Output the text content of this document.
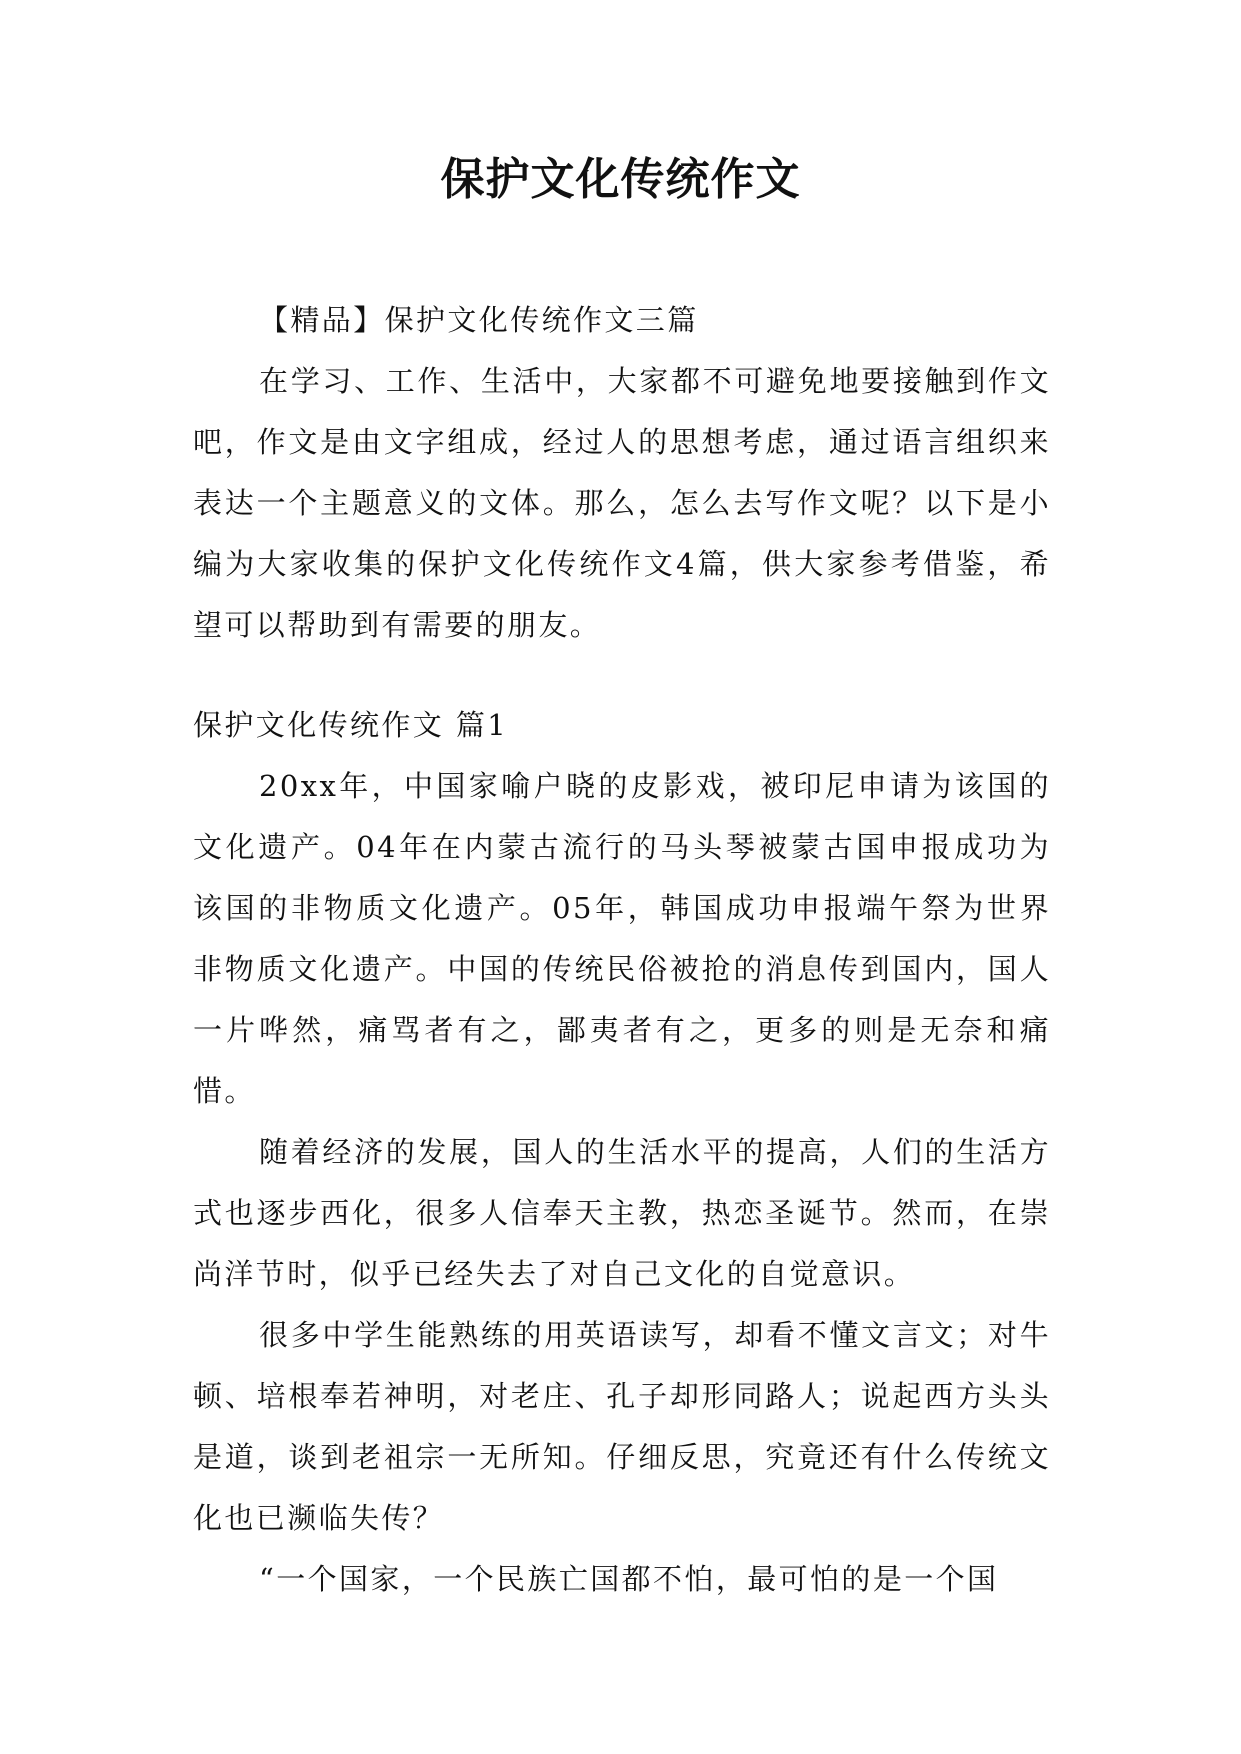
保护文化传统作文

【精品】保护文化传统作文三篇

在学习、工作、生活中，大家都不可避免地要接触到作文吧，作文是由文字组成，经过人的思想考虑，通过语言组织来表达一个主题意义的文体。那么，怎么去写作文呢？以下是小编为大家收集的保护文化传统作文4篇，供大家参考借鉴，希望可以帮助到有需要的朋友。

保护文化传统作文 篇1

20xx年，中国家喻户晓的皮影戏，被印尼申请为该国的文化遗产。04年在内蒙古流行的马头琴被蒙古国申报成功为该国的非物质文化遗产。05年，韩国成功申报端午祭为世界非物质文化遗产。中国的传统民俗被抢的消息传到国内，国人一片哗然，痛骂者有之，鄙夷者有之，更多的则是无奈和痛惜。

随着经济的发展，国人的生活水平的提高，人们的生活方式也逐步西化，很多人信奉天主教，热恋圣诞节。然而，在崇尚洋节时，似乎已经失去了对自己文化的自觉意识。

很多中学生能熟练的用英语读写，却看不懂文言文；对牛顿、培根奉若神明，对老庄、孔子却形同路人；说起西方头头是道，谈到老祖宗一无所知。仔细反思，究竟还有什么传统文化也已濒临失传？

“一个国家，一个民族亡国都不怕，最可怕的是一个国
